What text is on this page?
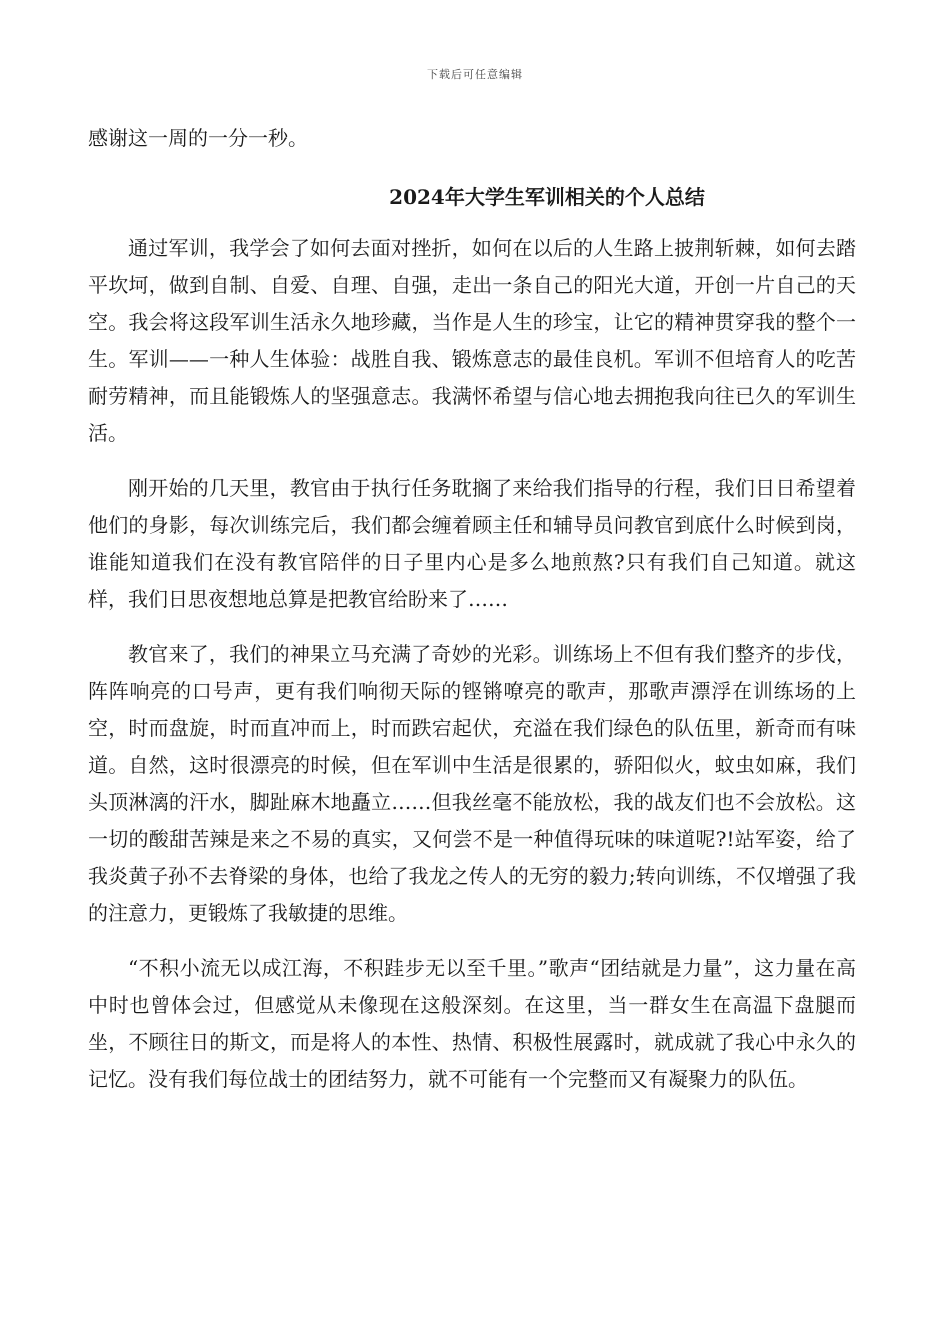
下载后可任意编辑

感谢这一周的一分一秒。

2024年大学生军训相关的个人总结

通过军训，我学会了如何去面对挫折，如何在以后的人生路上披荆斩棘，如何去踏平坎坷，做到自制、自爱、自理、自强，走出一条自己的阳光大道，开创一片自己的天空。我会将这段军训生活永久地珍藏，当作是人生的珍宝，让它的精神贯穿我的整个一生。军训——一种人生体验：战胜自我、锻炼意志的最佳良机。军训不但培育人的吃苦耐劳精神，而且能锻炼人的坚强意志。我满怀希望与信心地去拥抱我向往已久的军训生活。

刚开始的几天里，教官由于执行任务耽搁了来给我们指导的行程，我们日日希望着他们的身影，每次训练完后，我们都会缠着顾主任和辅导员问教官到底什么时候到岗，谁能知道我们在没有教官陪伴的日子里内心是多么地煎熬?只有我们自己知道。就这样，我们日思夜想地总算是把教官给盼来了……

教官来了，我们的神果立马充满了奇妙的光彩。训练场上不但有我们整齐的步伐，阵阵响亮的口号声，更有我们响彻天际的铿锵嘹亮的歌声，那歌声漂浮在训练场的上空，时而盘旋，时而直冲而上，时而跌宕起伏，充溢在我们绿色的队伍里，新奇而有味道。自然，这时很漂亮的时候，但在军训中生活是很累的，骄阳似火，蚊虫如麻，我们头顶淋漓的汗水，脚趾麻木地矗立……但我丝毫不能放松，我的战友们也不会放松。这一切的酸甜苦辣是来之不易的真实，又何尝不是一种值得玩味的味道呢?!站军姿，给了我炎黄子孙不去脊梁的身体，也给了我龙之传人的无穷的毅力;转向训练，不仅增强了我的注意力，更锻炼了我敏捷的思维。

“不积小流无以成江海，不积跬步无以至千里。”歌声“团结就是力量”，这力量在高中时也曾体会过，但感觉从未像现在这般深刻。在这里，当一群女生在高温下盘腿而坐，不顾往日的斯文，而是将人的本性、热情、积极性展露时，就成就了我心中永久的记忆。没有我们每位战士的团结努力，就不可能有一个完整而又有凝聚力的队伍。
